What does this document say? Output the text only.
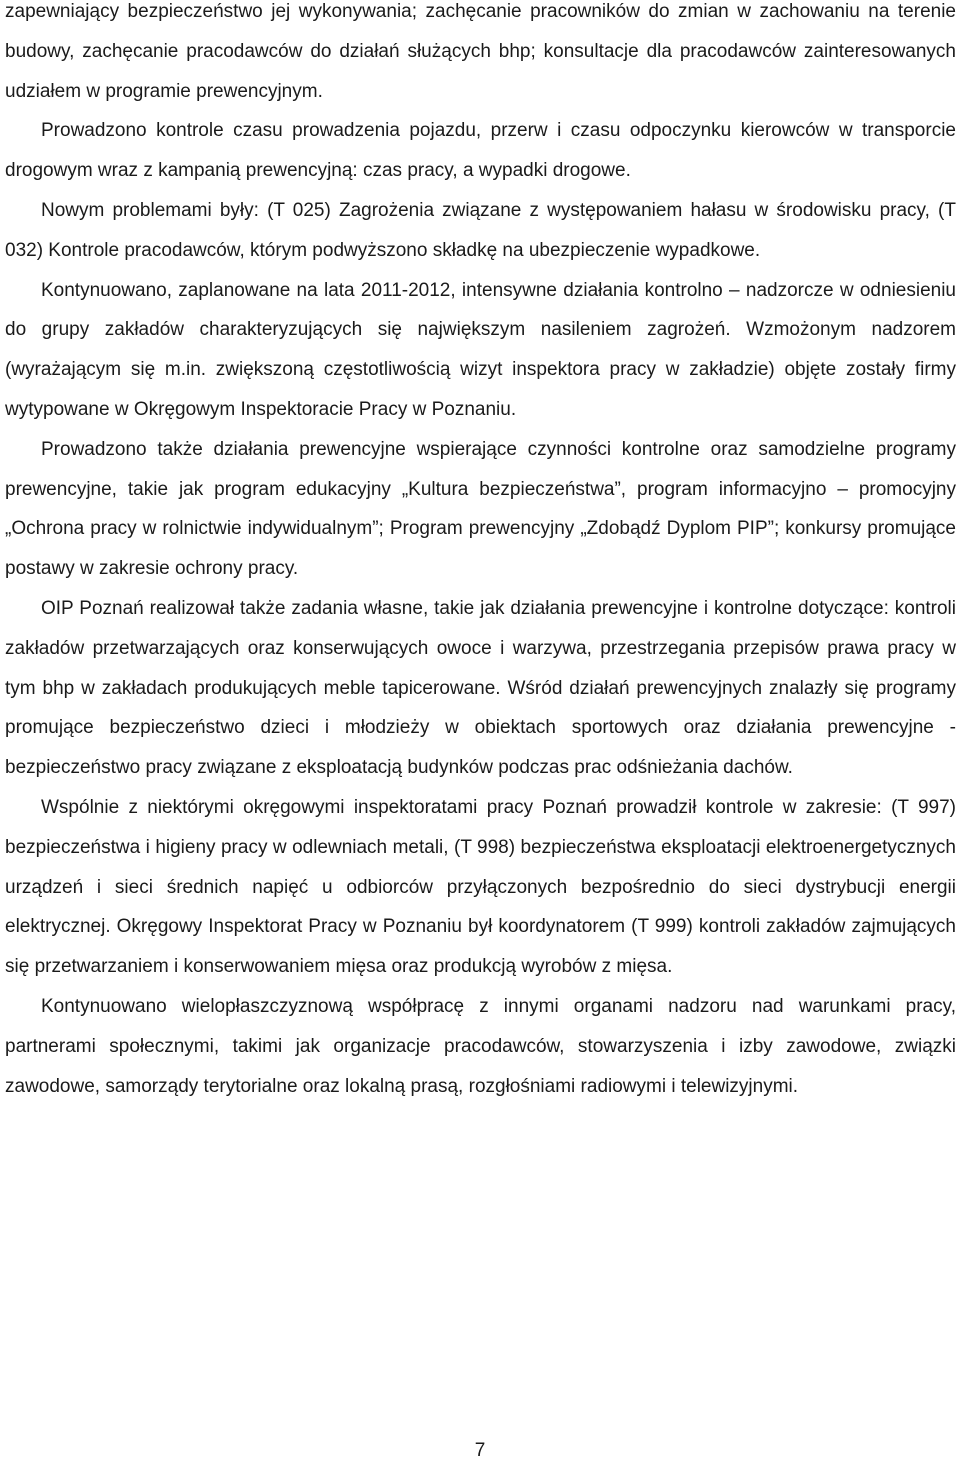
zapewniający bezpieczeństwo jej wykonywania; zachęcanie pracowników do zmian w zachowaniu na terenie budowy, zachęcanie pracodawców do działań służących bhp; konsultacje dla pracodawców zainteresowanych udziałem w programie prewencyjnym.

Prowadzono kontrole czasu prowadzenia pojazdu, przerw i czasu odpoczynku kierowców w transporcie drogowym wraz z kampanią prewencyjną: czas pracy, a wypadki drogowe.

Nowym problemami były: (T 025) Zagrożenia związane z występowaniem hałasu w środowisku pracy, (T 032) Kontrole pracodawców, którym podwyższono składkę na ubezpieczenie wypadkowe.

Kontynuowano, zaplanowane na lata 2011-2012, intensywne działania kontrolno – nadzorcze w odniesieniu do grupy zakładów charakteryzujących się największym nasileniem zagrożeń. Wzmożonym nadzorem (wyrażającym się m.in. zwiększoną częstotliwością wizyt inspektora pracy w zakładzie) objęte zostały firmy wytypowane w Okręgowym Inspektoracie Pracy w Poznaniu.

Prowadzono także działania prewencyjne wspierające czynności kontrolne oraz samodzielne programy prewencyjne, takie jak program edukacyjny „Kultura bezpieczeństwa”, program informacyjno – promocyjny „Ochrona pracy w rolnictwie indywidualnym”; Program prewencyjny „Zdobądź Dyplom PIP”; konkursy promujące postawy w zakresie ochrony pracy.

OIP Poznań realizował także zadania własne, takie jak działania prewencyjne i kontrolne dotyczące: kontroli zakładów przetwarzających oraz konserwujących owoce i warzywa, przestrzegania przepisów prawa pracy w tym bhp w zakładach produkujących meble tapicerowane. Wśród działań prewencyjnych znalazły się programy promujące bezpieczeństwo dzieci i młodzieży w obiektach sportowych oraz działania prewencyjne - bezpieczeństwo pracy związane z eksploatacją budynków podczas prac odśnieżania dachów.

Wspólnie z niektórymi okręgowymi inspektoratami pracy Poznań prowadził kontrole w zakresie: (T 997) bezpieczeństwa i higieny pracy w odlewniach metali, (T 998) bezpieczeństwa eksploatacji elektroenergetycznych urządzeń i sieci średnich napięć u odbiorców przyłączonych bezpośrednio do sieci dystrybucji energii elektrycznej. Okręgowy Inspektorat Pracy w Poznaniu był koordynatorem (T 999) kontroli zakładów zajmujących się przetwarzaniem i konserwowaniem mięsa oraz produkcją wyrobów z mięsa.

Kontynuowano wielopłaszczyznową współpracę z innymi organami nadzoru nad warunkami pracy, partnerami społecznymi, takimi jak organizacje pracodawców, stowarzyszenia i izby zawodowe, związki zawodowe, samorządy terytorialne oraz lokalną prasą, rozgłośniami radiowymi i telewizyjnymi.

7
